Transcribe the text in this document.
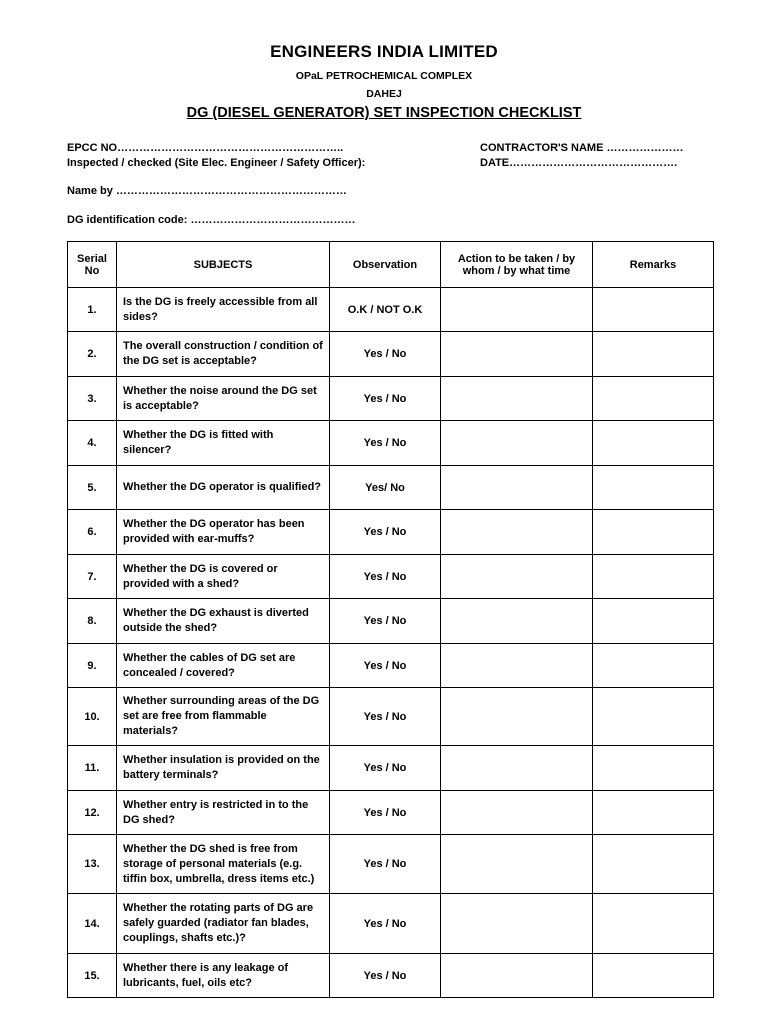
ENGINEERS INDIA LIMITED
OPaL PETROCHEMICAL COMPLEX
DAHEJ
DG (DIESEL GENERATOR) SET INSPECTION CHECKLIST
EPCC NO……………………………………………………..	CONTRACTOR'S NAME …………………
Inspected / checked (Site Elec. Engineer / Safety Officer):	DATE……………………………………….
Name by ………………………………………………………
DG identification code: ………………………………………
Serial No	SUBJECTS	Observation	Action to be taken / by whom / by what time	Remarks
1.	Is the DG is freely accessible from all sides?	O.K / NOT O.K		
2.	The overall construction / condition of the DG set is acceptable?	Yes / No		
3.	Whether the noise around the DG set is acceptable?	Yes / No		
4.	Whether the DG is fitted with silencer?	Yes / No		
5.	Whether the DG operator is qualified?	Yes/ No		
6.	Whether the DG operator has been provided with ear-muffs?	Yes / No		
7.	Whether the DG is covered or provided with a shed?	Yes / No		
8.	Whether the DG exhaust is diverted outside the shed?	Yes / No		
9.	Whether the cables of DG set are concealed / covered?	Yes / No		
10.	Whether surrounding areas of the DG set are free from flammable materials?	Yes / No		
11.	Whether insulation is provided on the battery terminals?	Yes / No		
12.	Whether entry is restricted in to the DG shed?	Yes / No		
13.	Whether the DG shed is free from storage of personal materials (e.g. tiffin box, umbrella, dress items etc.)	Yes / No		
14.	Whether the rotating parts of DG are safely guarded (radiator fan blades, couplings, shafts etc.)?	Yes / No		
15.	Whether there is any leakage of lubricants, fuel, oils etc?	Yes / No		
